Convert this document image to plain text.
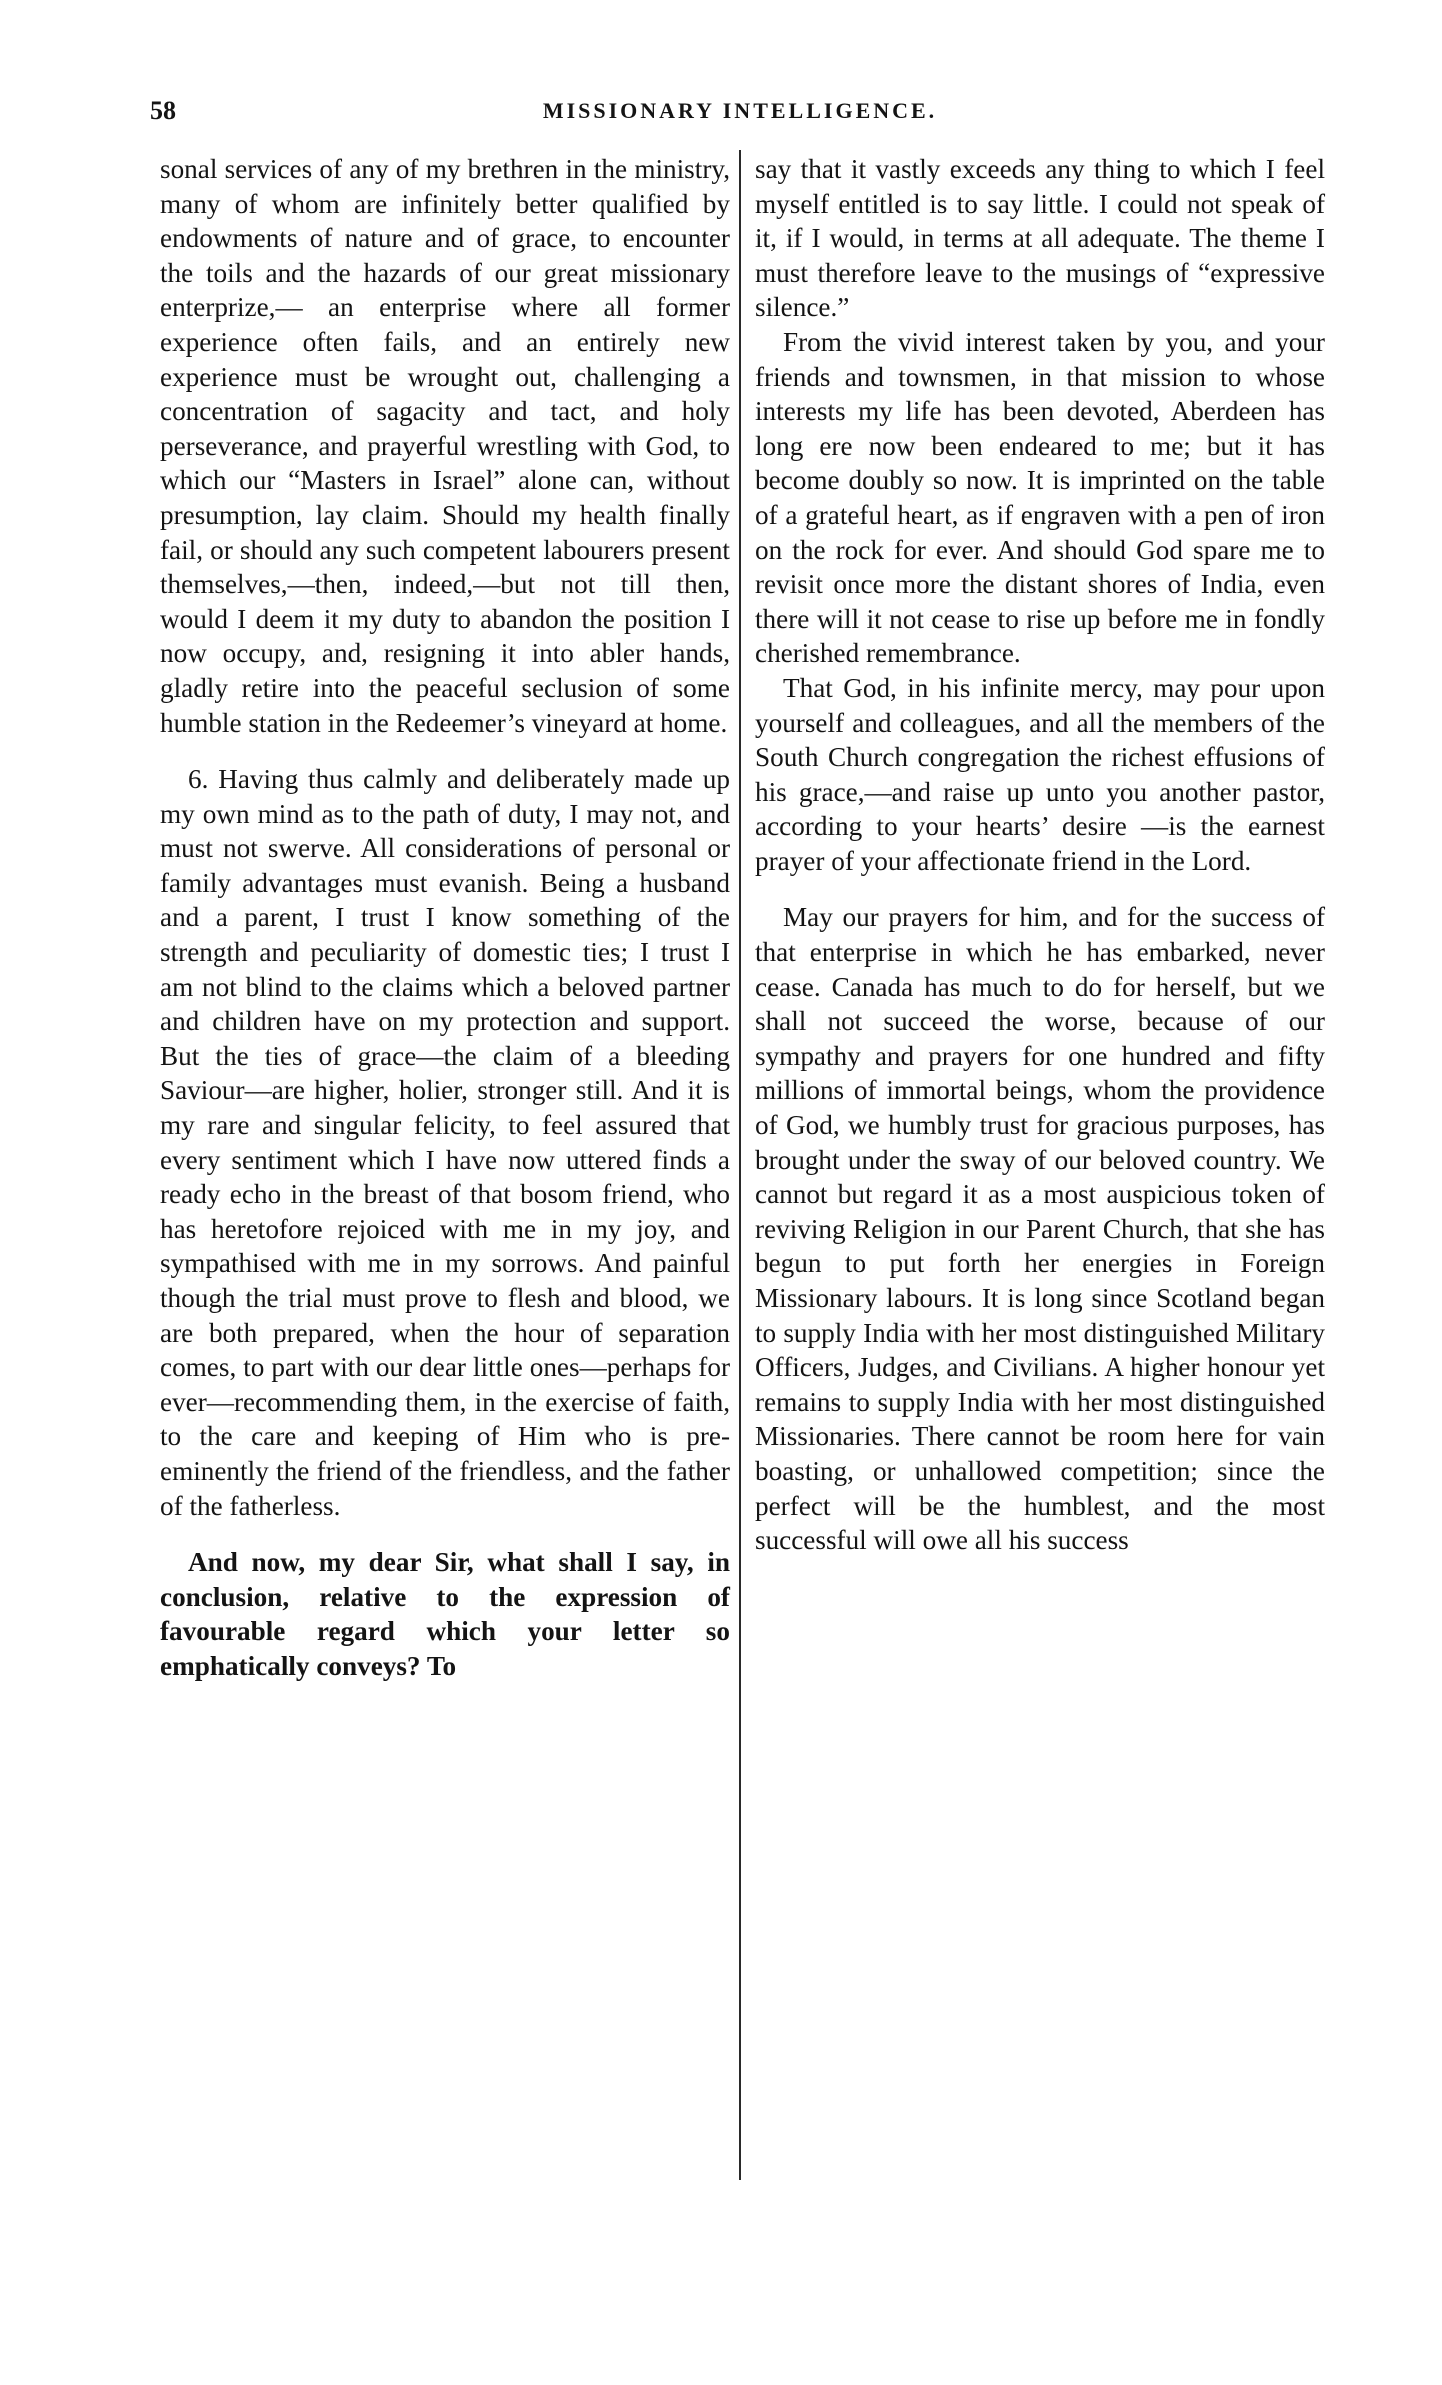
58	MISSIONARY INTELLIGENCE.

sonal services of any of my brethren in the ministry, many of whom are infinitely better qualified by endowments of nature and of grace, to encounter the toils and the hazards of our great missionary enterprize,— an enterprise where all former experience often fails, and an entirely new experience must be wrought out, challenging a concentration of sagacity and tact, and holy perseverance, and prayerful wrestling with God, to which our “Masters in Israel” alone can, without presumption, lay claim. Should my health finally fail, or should any such competent labourers present themselves,—then, indeed,—but not till then, would I deem it my duty to abandon the position I now occupy, and, resigning it into abler hands, gladly retire into the peaceful seclusion of some humble station in the Redeemer’s vineyard at home.

6. Having thus calmly and deliberately made up my own mind as to the path of duty, I may not, and must not swerve. All considerations of personal or family advantages must evanish. Being a husband and a parent, I trust I know something of the strength and peculiarity of domestic ties; I trust I am not blind to the claims which a beloved partner and children have on my protection and support. But the ties of grace—the claim of a bleeding Saviour—are higher, holier, stronger still. And it is my rare and singular felicity, to feel assured that every sentiment which I have now uttered finds a ready echo in the breast of that bosom friend, who has heretofore rejoiced with me in my joy, and sympathised with me in my sorrows. And painful though the trial must prove to flesh and blood, we are both prepared, when the hour of separation comes, to part with our dear little ones—perhaps for ever—recommending them, in the exercise of faith, to the care and keeping of Him who is pre-eminently the friend of the friendless, and the father of the fatherless.

And now, my dear Sir, what shall I say, in conclusion, relative to the expression of favourable regard which your letter so emphatically conveys? To

say that it vastly exceeds any thing to which I feel myself entitled is to say little. I could not speak of it, if I would, in terms at all adequate. The theme I must therefore leave to the musings of “expressive silence.”

From the vivid interest taken by you, and your friends and townsmen, in that mission to whose interests my life has been devoted, Aberdeen has long ere now been endeared to me; but it has become doubly so now. It is imprinted on the table of a grateful heart, as if engraven with a pen of iron on the rock for ever. And should God spare me to revisit once more the distant shores of India, even there will it not cease to rise up before me in fondly cherished remembrance.

That God, in his infinite mercy, may pour upon yourself and colleagues, and all the members of the South Church congregation the richest effusions of his grace,—and raise up unto you another pastor, according to your hearts’ desire —is the earnest prayer of your affectionate friend in the Lord.

May our prayers for him, and for the success of that enterprise in which he has embarked, never cease. Canada has much to do for herself, but we shall not succeed the worse, because of our sympathy and prayers for one hundred and fifty millions of immortal beings, whom the providence of God, we humbly trust for gracious purposes, has brought under the sway of our beloved country. We cannot but regard it as a most auspicious token of reviving Religion in our Parent Church, that she has begun to put forth her energies in Foreign Missionary labours. It is long since Scotland began to supply India with her most distinguished Military Officers, Judges, and Civilians. A higher honour yet remains to supply India with her most distinguished Missionaries. There cannot be room here for vain boasting, or unhallowed competition; since the perfect will be the humblest, and the most successful will owe all his success
